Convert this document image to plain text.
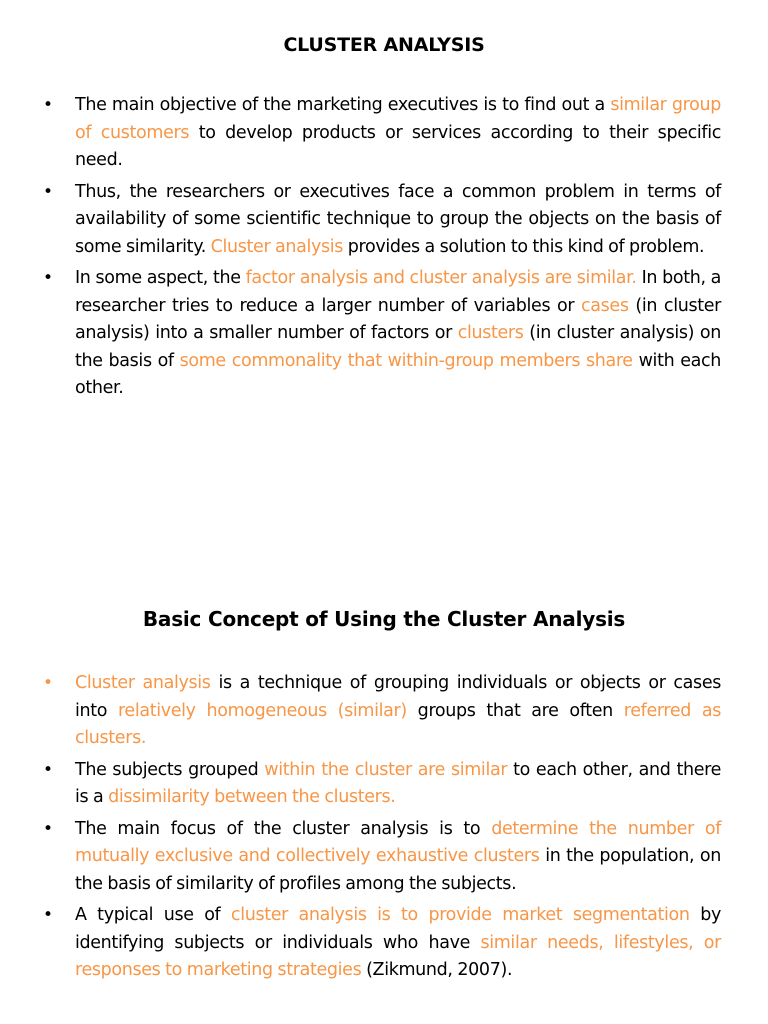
CLUSTER ANALYSIS
• The main objective of the marketing executives is to find out a similar group of customers to develop products or services according to their specific need.
• Thus, the researchers or executives face a common problem in terms of availability of some scientific technique to group the objects on the basis of some similarity. Cluster analysis provides a solution to this kind of problem.
• In some aspect, the factor analysis and cluster analysis are similar. In both, a researcher tries to reduce a larger number of variables or cases (in cluster analysis) into a smaller number of factors or clusters (in cluster analysis) on the basis of some commonality that within-group members share with each other.
Basic Concept of Using the Cluster Analysis
• Cluster analysis is a technique of grouping individuals or objects or cases into relatively homogeneous (similar) groups that are often referred as clusters.
• The subjects grouped within the cluster are similar to each other, and there is a dissimilarity between the clusters.
• The main focus of the cluster analysis is to determine the number of mutually exclusive and collectively exhaustive clusters in the population, on the basis of similarity of profiles among the subjects.
• A typical use of cluster analysis is to provide market segmentation by identifying subjects or individuals who have similar needs, lifestyles, or responses to marketing strategies (Zikmund, 2007).
